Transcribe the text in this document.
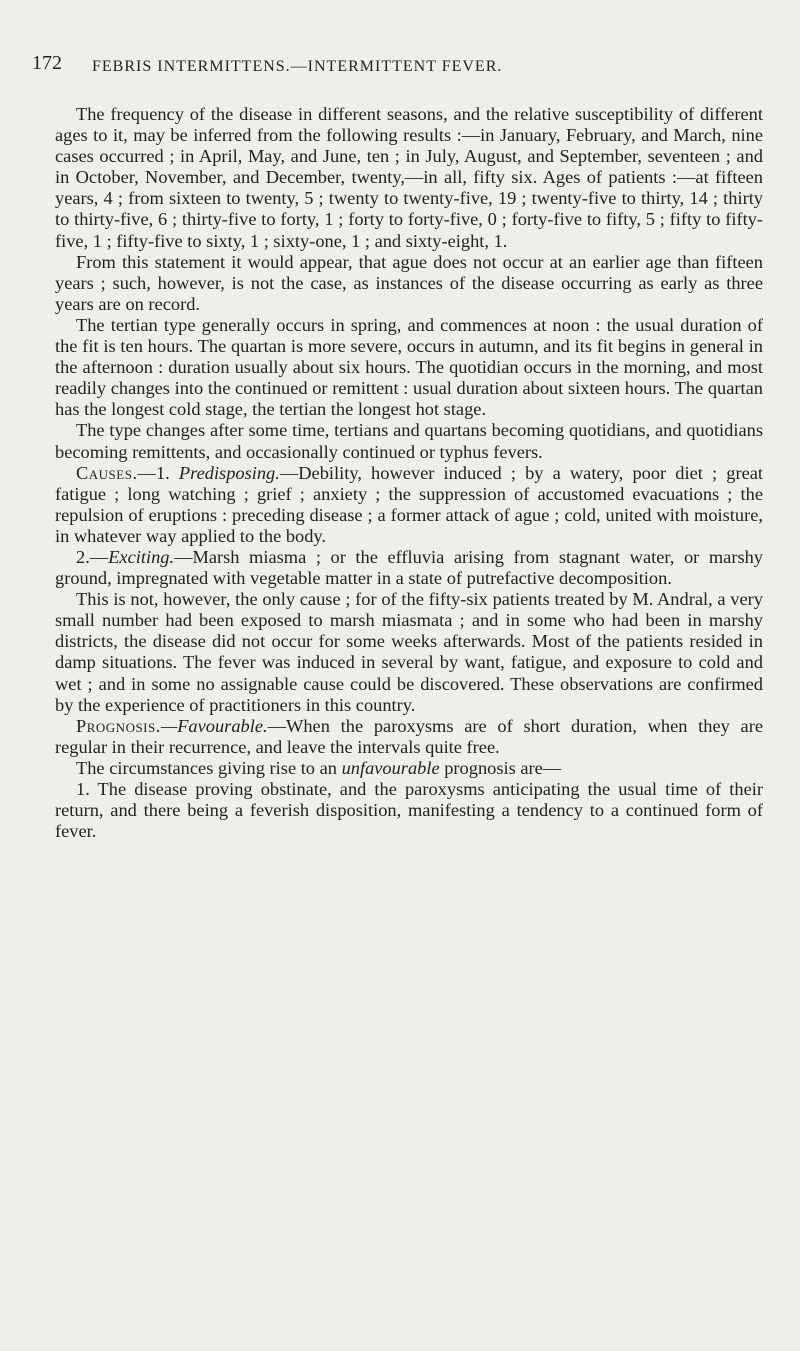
172 FEBRIS INTERMITTENS.—INTERMITTENT FEVER.

The frequency of the disease in different seasons, and the relative susceptibility of different ages to it, may be inferred from the following results :—in January, February, and March, nine cases occurred ; in April, May, and June, ten ; in July, August, and September, seventeen ; and in October, November, and December, twenty,—in all, fifty six. Ages of patients :—at fifteen years, 4 ; from sixteen to twenty, 5 ; twenty to twenty-five, 19 ; twenty-five to thirty, 14 ; thirty to thirty-five, 6 ; thirty-five to forty, 1 ; forty to forty-five, 0 ; forty-five to fifty, 5 ; fifty to fifty-five, 1 ; fifty-five to sixty, 1 ; sixty-one, 1 ; and sixty-eight, 1.

From this statement it would appear, that ague does not occur at an earlier age than fifteen years ; such, however, is not the case, as instances of the disease occurring as early as three years are on record.

The tertian type generally occurs in spring, and commences at noon : the usual duration of the fit is ten hours. The quartan is more severe, occurs in autumn, and its fit begins in general in the afternoon : duration usually about six hours. The quotidian occurs in the morning, and most readily changes into the continued or remittent : usual duration about sixteen hours. The quartan has the longest cold stage, the tertian the longest hot stage.

The type changes after some time, tertians and quartans becoming quotidians, and quotidians becoming remittents, and occasionally continued or typhus fevers.

Causes.—1. Predisposing.—Debility, however induced ; by a watery, poor diet ; great fatigue ; long watching ; grief ; anxiety ; the suppression of accustomed evacuations ; the repulsion of eruptions : preceding disease ; a former attack of ague ; cold, united with moisture, in whatever way applied to the body.

2.—Exciting.—Marsh miasma ; or the effluvia arising from stagnant water, or marshy ground, impregnated with vegetable matter in a state of putrefactive decomposition.

This is not, however, the only cause ; for of the fifty-six patients treated by M. Andral, a very small number had been exposed to marsh miasmata ; and in some who had been in marshy districts, the disease did not occur for some weeks afterwards. Most of the patients resided in damp situations. The fever was induced in several by want, fatigue, and exposure to cold and wet ; and in some no assignable cause could be discovered. These observations are confirmed by the experience of practitioners in this country.

Prognosis.—Favourable.—When the paroxysms are of short duration, when they are regular in their recurrence, and leave the intervals quite free.

The circumstances giving rise to an unfavourable prognosis are—

1. The disease proving obstinate, and the paroxysms anticipating the usual time of their return, and there being a feverish disposition, manifesting a tendency to a continued form of fever.
